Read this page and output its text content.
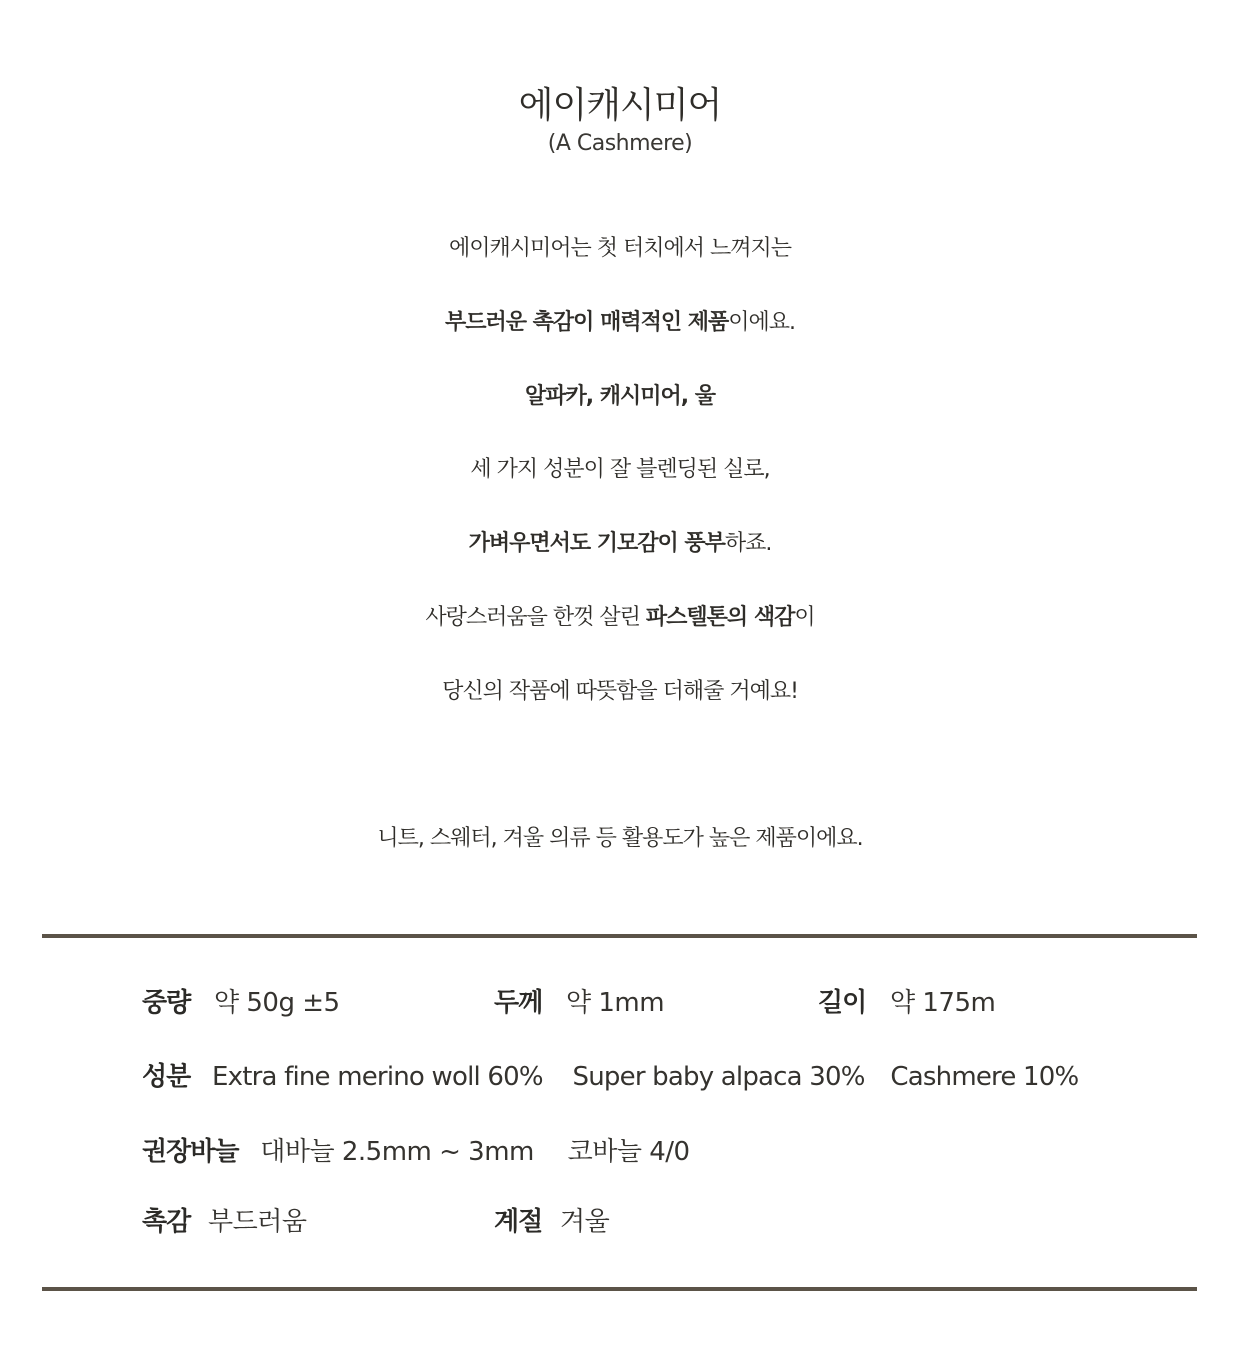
에이캐시미어
(A Cashmere)
에이캐시미어는 첫 터치에서 느껴지는
부드러운 촉감이 매력적인 제품이에요.
알파카, 캐시미어, 울
세 가지 성분이 잘 블렌딩된 실로,
가벼우면서도 기모감이 풍부하죠.
사랑스러움을 한껏 살린 파스텔톤의 색감이
당신의 작품에 따뜻함을 더해줄 거예요!
니트, 스웨터, 겨울 의류 등 활용도가 높은 제품이에요.
중량 약 50g ±5	두께 약 1mm	길이 약 175m
성분 Extra fine merino woll 60% Super baby alpaca 30% Cashmere 10%
권장바늘 대바늘 2.5mm ~ 3mm 코바늘 4/0
촉감 부드러움	계절 겨울
